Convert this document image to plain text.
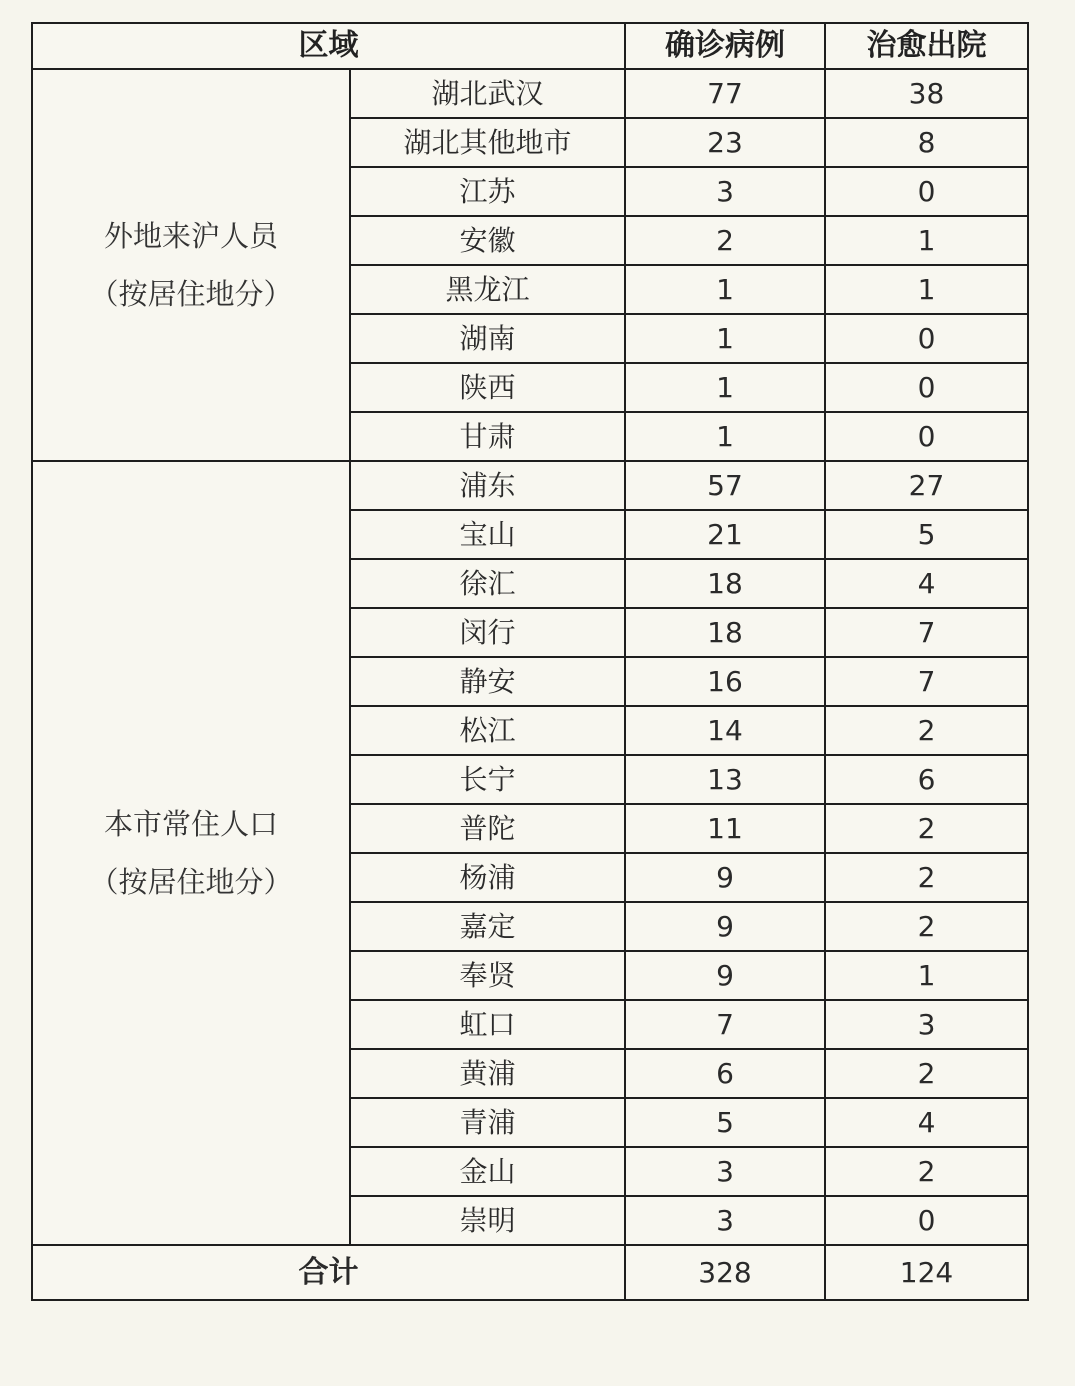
区域		确诊病例	治愈出院

外地来沪人员
（按居住地分）	湖北武汉	77	38
	湖北其他地市	23	8
	江苏	3	0
	安徽	2	1
	黑龙江	1	1
	湖南	1	0
	陕西	1	0
	甘肃	1	0

本市常住人口
（按居住地分）	浦东	57	27
	宝山	21	5
	徐汇	18	4
	闵行	18	7
	静安	16	7
	松江	14	2
	长宁	13	6
	普陀	11	2
	杨浦	9	2
	嘉定	9	2
	奉贤	9	1
	虹口	7	3
	黄浦	6	2
	青浦	5	4
	金山	3	2
	崇明	3	0
合计		328	124
